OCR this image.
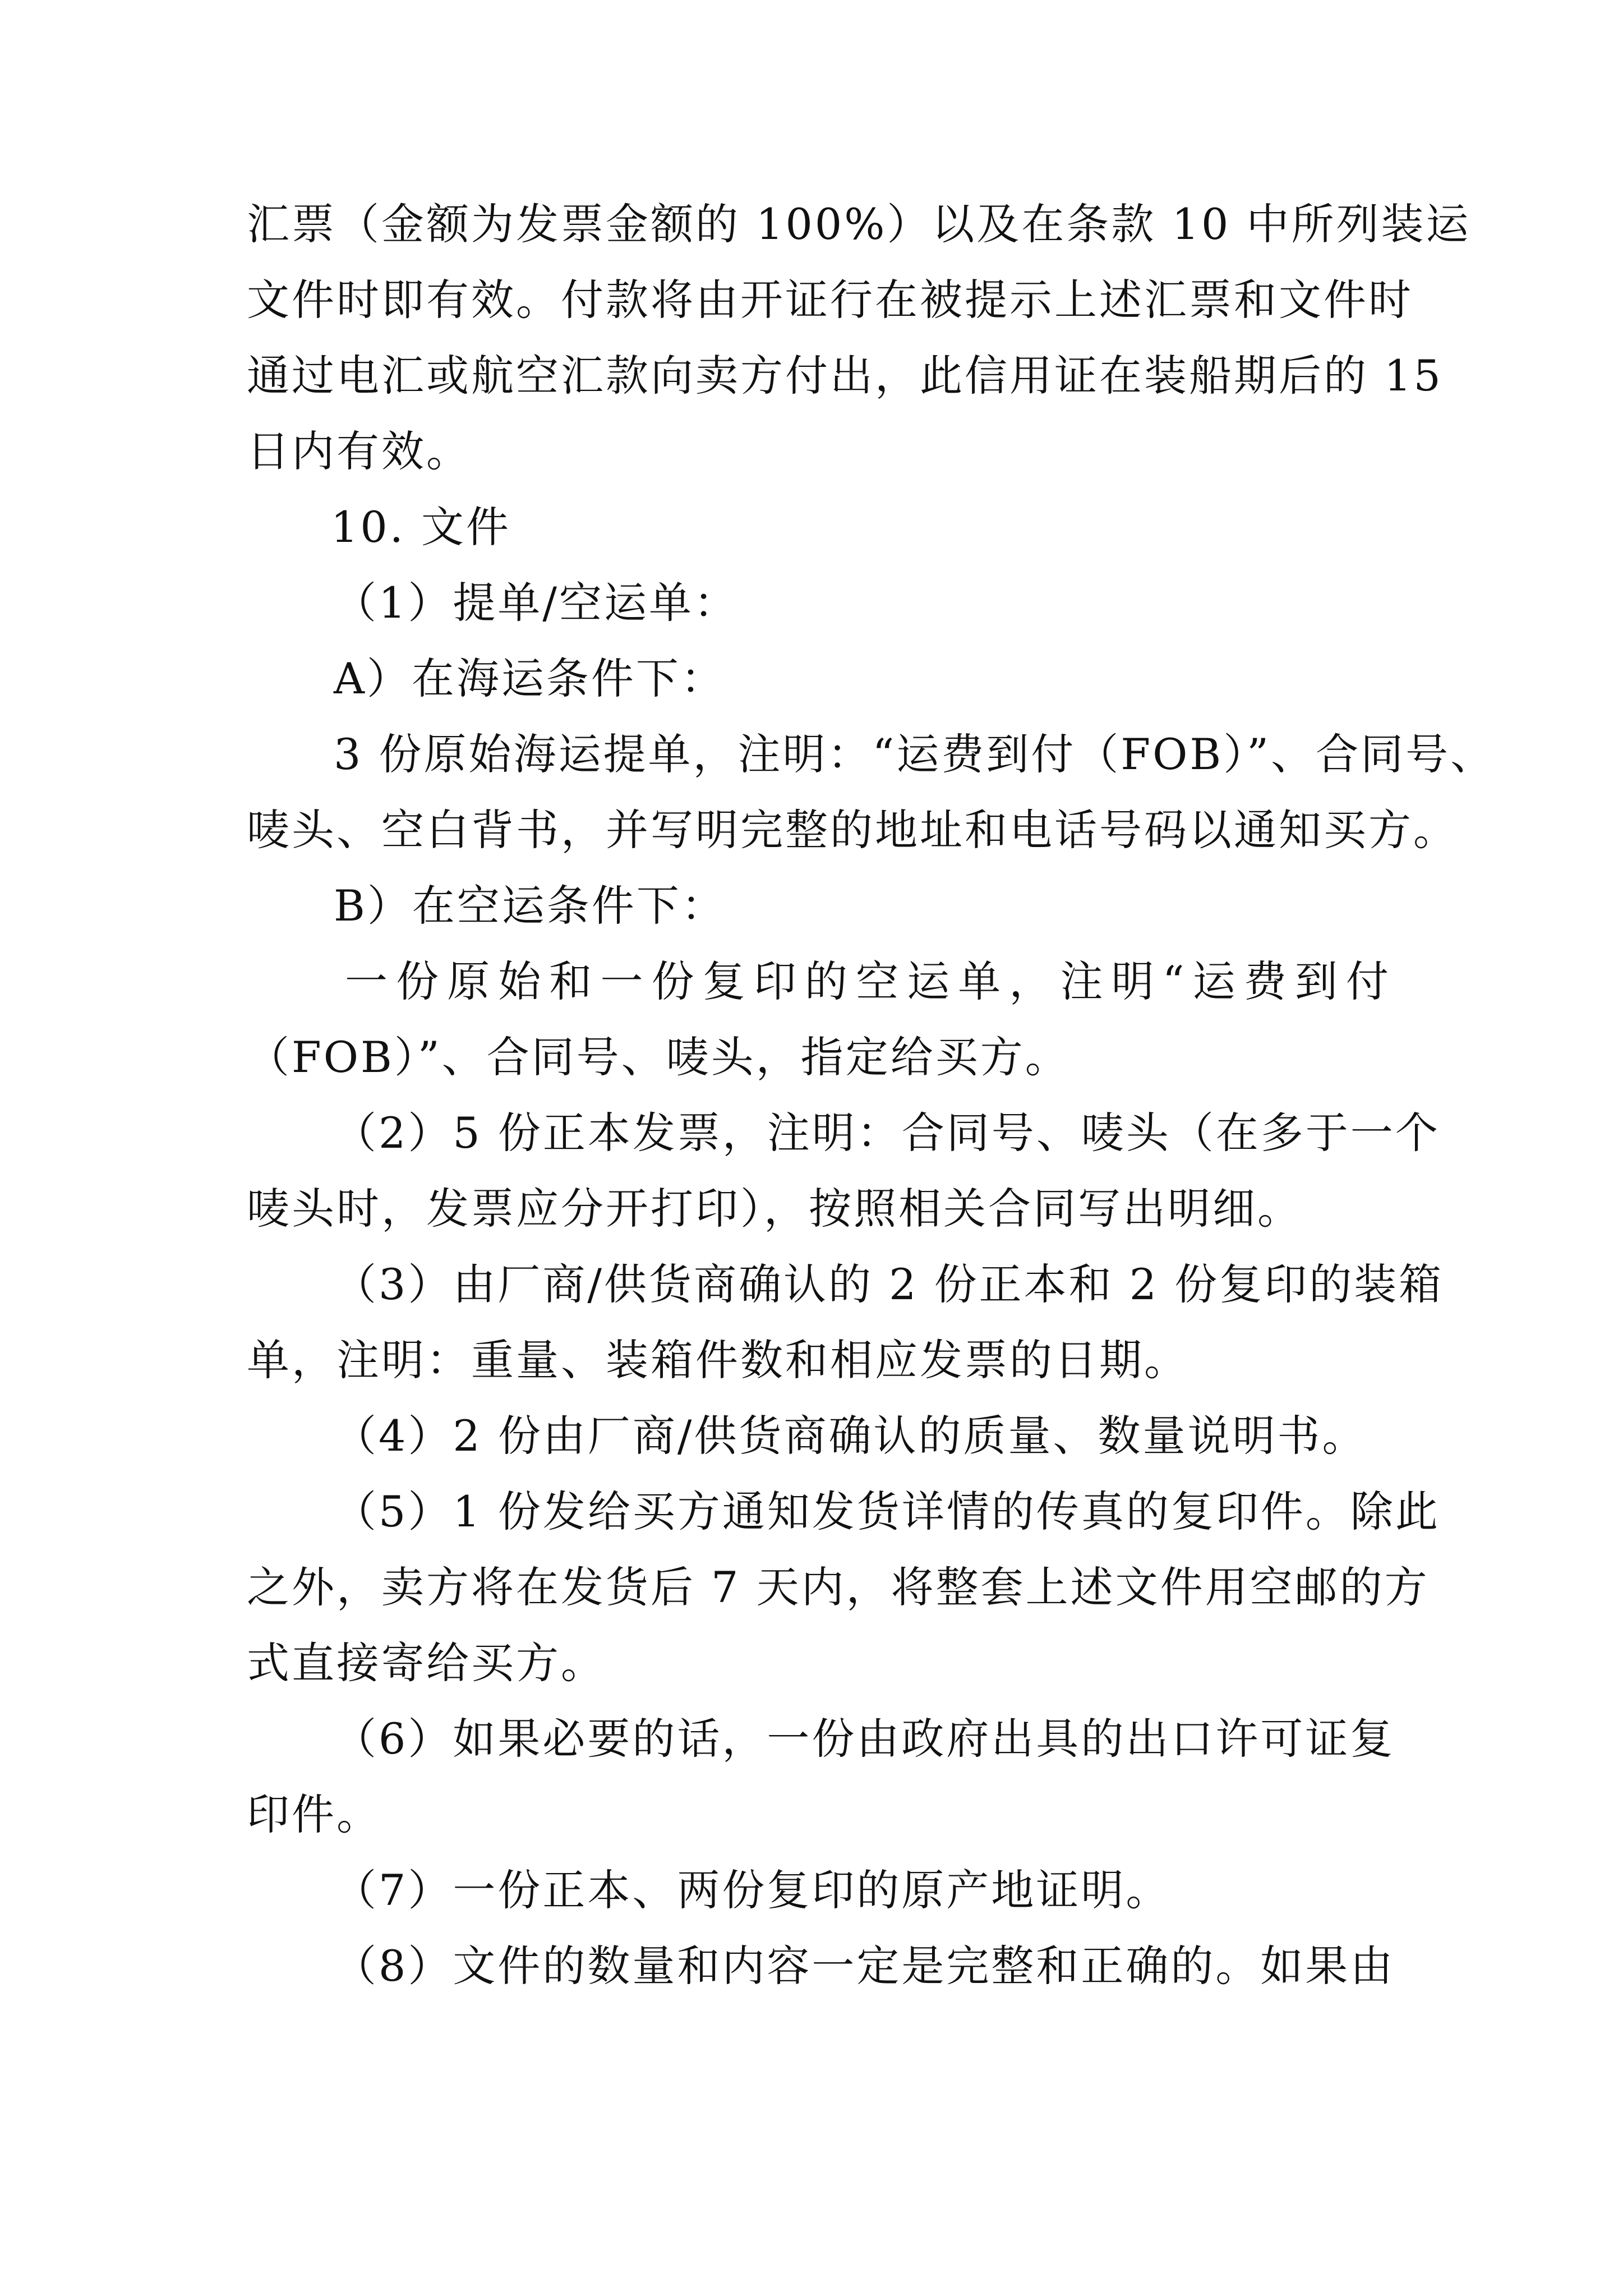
汇票（金额为发票金额的 100%）以及在条款 10 中所列装运
文件时即有效。付款将由开证行在被提示上述汇票和文件时
通过电汇或航空汇款向卖方付出，此信用证在装船期后的 15
日内有效。
10. 文件
（1）提单/空运单：
A）在海运条件下：
3 份原始海运提单，注明：“运费到付（FOB）”、合同号、
唛头、空白背书，并写明完整的地址和电话号码以通知买方。
B）在空运条件下：
一份原始和一份复印的空运单，注明“运费到付
（FOB）”、合同号、唛头，指定给买方。
（2）5 份正本发票，注明：合同号、唛头（在多于一个
唛头时，发票应分开打印），按照相关合同写出明细。
（3）由厂商/供货商确认的 2 份正本和 2 份复印的装箱
单，注明：重量、装箱件数和相应发票的日期。
（4）2 份由厂商/供货商确认的质量、数量说明书。
（5）1 份发给买方通知发货详情的传真的复印件。除此
之外，卖方将在发货后 7 天内，将整套上述文件用空邮的方
式直接寄给买方。
（6）如果必要的话，一份由政府出具的出口许可证复
印件。
（7）一份正本、两份复印的原产地证明。
（8）文件的数量和内容一定是完整和正确的。如果由
